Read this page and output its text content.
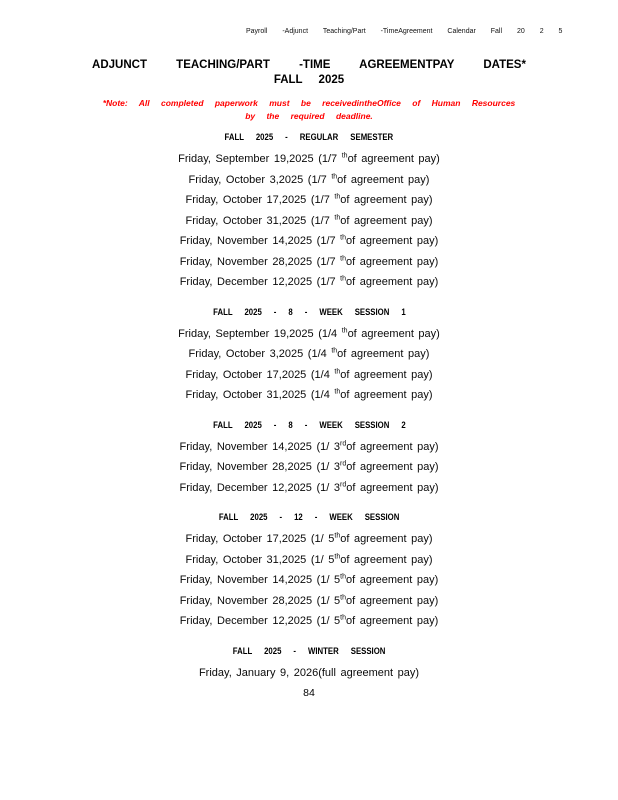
Payroll -Adjunct Teaching/Part -TimeAgreement Calendar Fall 20 2 5
ADJUNCT TEACHING/PART -TIME AGREEMENTPAY DATES*
FALL 2025
*Note: All completed paperwork must be receivedintheOffice of Human Resources
by the required deadline.
FALL 2025 - REGULAR SEMESTER
Friday, September 19,2025 (1/7 $^{th}$of agreement pay)
Friday, October 3,2025 (1/7 $^{th}$of agreement pay)
Friday, October 17,2025 (1/7 $^{th}$of agreement pay)
Friday, October 31,2025 (1/7 $^{th}$of agreement pay)
Friday, November 14,2025 (1/7 $^{th}$of agreement pay)
Friday, November 28,2025 (1/7 $^{th}$of agreement pay)
Friday, December 12,2025 (1/7 $^{th}$of agreement pay)
FALL 2025 - 8 - WEEK SESSION 1
Friday, September 19,2025 (1/4 $^{th}$of agreement pay)
Friday, October 3,2025 (1/4 $^{th}$of agreement pay)
Friday, October 17,2025 (1/4 $^{th}$of agreement pay)
Friday, October 31,2025 (1/4 $^{th}$of agreement pay)
FALL 2025 - 8 - WEEK SESSION 2
Friday, November 14,2025 (1/ 3rdof agreement pay)
Friday, November 28,2025 (1/ 3rdof agreement pay)
Friday, December 12,2025 (1/ 3rdof agreement pay)
FALL 2025 - 12 - WEEK SESSION
Friday, October 17,2025 (1/ 5thof agreement pay)
Friday, October 31,2025 (1/ 5thof agreement pay)
Friday, November 14,2025 (1/ 5thof agreement pay)
Friday, November 28,2025 (1/ 5thof agreement pay)
Friday, December 12,2025 (1/ 5thof agreement pay)
FALL 2025 - WINTER SESSION
Friday, January 9, 2026(full agreement pay)
84
